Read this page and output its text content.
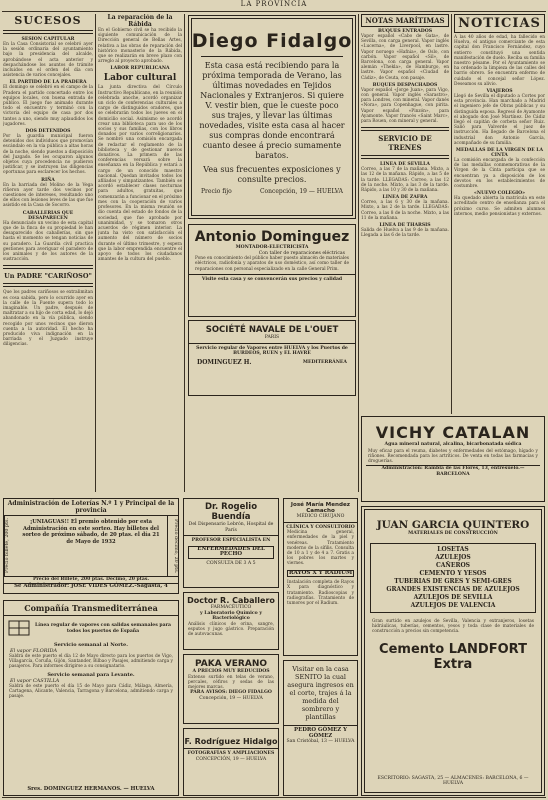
LA PROVINCIA
SUCESOS
SESION CAPITULAR
En la Casa Consistorial se celebró ayer la sesión ordinaria del ayuntamiento bajo la presidencia del alcalde, aprobándose el acta anterior y despachándose los asuntos de trámite incluidos en el orden del día con asistencia de varios concejales.
EL PARTIDO DE LA PRADERA
El domingo se celebró en el campo de la Pradera el partido concertado entre los equipos locales, con buena entrada de público. El juego fue animado durante todo el encuentro y terminó con la victoria del equipo de casa por dos tantos a uno, siendo muy aplaudidos los jugadores.
DOS DETENIDOS
Por la guardia municipal fueron detenidos dos individuos que promovían escándalo en la vía pública a altas horas de la noche, siendo puestos a disposición del Juzgado. Se les ocuparon algunos objetos cuya procedencia no pudieron justificar, y se instruyen las diligencias oportunas para esclarecer los hechos.
RIÑA
En la barriada del Molino de la Vega riñeron ayer tarde dos vecinos por cuestiones de intereses, resultando uno de ellos con lesiones leves de las que fue asistido en la Casa de Socorro.
CABALLERIAS QUE DESAPARECEN
Ha denunciado un vecino de esta capital que de la finca de su propiedad le han desaparecido dos caballerías, sin que hasta el momento se tengan noticias de su paradero. La Guardia civil practica gestiones para averiguar el paradero de los animales y de los autores de la sustracción.
Un PADRE "CARIÑOSO"
Que los padres cariñosos se extralimitan es cosa sabida, pero lo ocurrido ayer en la calle de la Fuente supera todo lo imaginable. Un padre, después de maltratar a su hijo de corta edad, lo dejó abandonado en la vía pública, siendo recogido por unos vecinos que dieron cuenta a la autoridad. El hecho ha producido viva indignación en la barriada y el Juzgado instruye diligencias.
La reparación de la Rábida
En el Gobierno civil se ha recibido la siguiente comunicación de la Dirección general de Bellas Artes, relativa a las obras de reparación del histórico monasterio de la Rábida, que se realizarán en breve plazo con arreglo al proyecto aprobado.
LABOR REPUBLICANA
Labor cultural
La junta directiva del Círculo Instructivo Republicano, en la reunión celebrada anoche, acordó organizar un ciclo de conferencias culturales a cargo de distinguidos oradores, que se celebrarán todos los jueves en el domicilio social. Asimismo se acordó crear una biblioteca para uso de los socios y sus familias, con los libros donados por varios correligionarios. Se nombró una comisión encargada de redactar el reglamento de la biblioteca y de gestionar nuevos donativos. La primera de las conferencias versará sobre la enseñanza en la República y estará a cargo de un conocido maestro nacional. Quedan invitados todos los afiliados y simpatizantes. También se acordó establecer clases nocturnas para adultos, gratuitas, que comenzarán a funcionar en el próximo mes con la cooperación de varios profesores. En la misma reunión se dio cuenta del estado de fondos de la sociedad, que fue aprobado por unanimidad, y se tomaron otros acuerdos de régimen interior. La junta ha visto con satisfacción el aumento del número de socios durante el último trimestre, y espera que la labor emprendida encuentre el apoyo de todos los ciudadanos amantes de la cultura del pueblo.
Diego Fidalgo
Esta casa está recibiendo para la próxima temporada de Verano, las últimas novedades en Tejidos Nacionales y Extranjeros. Si quiere V. vestir bien, que le cueste poco sus trajes, y llevar las últimas novedades, visite esta casa al hacer sus compras donde encontrará cuanto desee á precio sumamente baratos.
Vea sus frecuentes exposiciones y consulte precios.
Precio fijo	Concepción, 19 — HUELVA
Antonio Dominguez
MONTADOR-ELECTRICISTA
Con taller de reparaciones eléctricas
Pone en conocimiento del público haber puesto almacén de materiales eléctricos, radiofonía y aparatos de uso doméstico, así como taller de reparaciones con personal especializado en la calle General Prim.
Visite esta casa y se convencerán sus precios y calidad
SOCIÉTÉ NAVALE DE L'OUET
PARIS
Servicio regular de Vapores entre HUELVA y los Puertos de BURDEOS, RUEN y EL HAVRE
DOMINGUEZ H.	MEDITERRÁNEA
NOTAS MARÍTIMAS
BUQUES ENTRADOS
Vapor español «Cabo de Gata», de Sevilla, con carga general. Vapor inglés «Lucerna», de Liverpool, en lastre. Vapor noruego «Hafnia», de Oslo, con carbón. Vapor español «Sil», de Barcelona, con carga general. Vapor alemán «Thekla», de Hamburgo, en lastre. Vapor español «Ciudad de Cádiz», de Ceuta, con pasaje.
BUQUES DESPACHADOS
Vapor español «Jorge Juan», para Vigo, con general. Vapor inglés «Sarastro», para Londres, con mineral. Vapor danés «Nora», para Copenhague, con pirita. Vapor español «Pinzón», para Ayamonte. Vapor francés «Saint Marc», para Rouen, con mineral y general.
SERVICIO DE TRENES
LINEA DE SEVILLA
Correo, a las 7 de la mañana. Mixto, a las 12 de la mañana. Rápido, a las 5 de la tarde. LLEGADAS: Correo, a las 12 de la noche. Mixto, a las 3 de la tarde. Rápido, a las 10 y 30 de la mañana.
LINEA DE ZAFRA
Correo, a las 6 y 30 de la mañana. Mixto, a las 2 de la tarde. LLEGADAS: Correo, a las 8 de la noche. Mixto, a las 11 de la mañana.
LINEA DE THARSIS
Salida de Huelva a las 9 de la mañana. Llegada a las 6 de la tarde.
NOTICIAS
A las 40 años de edad, ha fallecido en Huelva, el antiguo comerciante de esta capital don Francisco Fernández, cuyo entierro constituyó una sentida manifestación de duelo. Reciba su familia nuestro pésame. Por el Ayuntamiento se ha ordenado la limpieza de las calles del barrio obrero. Se encuentra enfermo de cuidado el concejal señor López. Deseamos su alivio.
VIAJEROS
Llegó de Sevilla el diputado a Cortes por esta provincia. Han marchado a Madrid el ingeniero jefe de Obras públicas y su distinguida esposa. Regresó de Ayamonte el abogado don José Martínez. De Cádiz llegó el capitán de corbeta señor Ruiz. Salió para Valverde el juez de instrucción. Ha llegado de Barcelona el industrial don Antonio García, acompañado de su familia.
MEDALLAS DE LA VIRGEN DE LA CINTA
La comisión encargada de la confección de las medallas conmemorativas de la Virgen de la Cinta participa que se encuentran ya a disposición de los devotos en los establecimientos de costumbre.
«NUEVO COLEGIO»
Ha quedado abierta la matrícula en este acreditado centro de enseñanza para el próximo curso. Se admiten alumnos internos, medio pensionistas y externos.
VICHY CATALAN
Agua mineral natural, alcalina, bicarbonatada sódica
Muy eficaz para el reuma, diabetes y enfermedades del estómago, hígado y riñones. Recomendada para los artríticos. De venta en todas las farmacias y droguerías.
Administración: Rambla de las Flores, 13, entresuelo.—BARCELONA
Administración de Loterías N.º 1 y Principal de la provincia
Precio billete, 200 pts.	¡UNIAGUAS!! El premio obtenido por esta Administración en este sorteo. Hay billetes del sorteo de próximo sábado, de 20 ptas. el día 21 de Mayo de 1932	Precio décimo, 20 pts.
Precio del Billete, 200 ptas. Décimo, 20 ptas.
Se Administrador: JOSE VIDES GÓMEZ.-Sagasta, 4
Compañía Transmediterránea
Línea regular de vapores con salidas semanales para todos los puertos de España
Servicio semanal al Norte.
El vapor FLORIDA
Saldrá de este puerto el día 12 de Mayo directo para los puertos de Vigo, Villagarcía, Coruña, Gijón, Santander, Bilbao y Pasajes, admitiendo carga y pasajeros. Para informes dirigirse a su consignatario.
Servicio semanal para Levante.
El vapor CASTILLA
Saldrá de este puerto el día 15 de Mayo para Cádiz, Málaga, Almería, Cartagena, Alicante, Valencia, Tarragona y Barcelona, admitiendo carga y pasaje.
Sres. DOMINGUEZ HERMANOS. — HUELVA
Dr. Rogelio Buendía
Del Dispensario Lebrón, Hospital de París
PROFESOR ESPECIALISTA EN
ENFERMEDADES DEL PECHO
CONSULTA DE 3 A 5
Doctor R. Caballero
FARMACÉUTICO
y Laboratorio Químico y Bacteriológico
Análisis clínicos de orina, sangre, esputos y jugo gástrico. Preparación de autovacunas.
PAKA VERANO
A PRECIOS MUY REDUCIDOS
Extenso surtido en telas de verano, percales, céfiros y sedas de las mejores marcas.
PARA AVISOS: DIEGO FIDALGO
Concepción, 19 — HUELVA
F. Rodríguez Hidalgo
FOTOGRAFÍAS Y AMPLIACIONES
CONCEPCIÓN, 19 — HUELVA
José María Mendez Camacho
MÉDICO CIRUJANO
CLÍNICA Y CONSULTORIO
Medicina general, enfermedades de la piel y venéreas. Tratamiento moderno de la sífilis. Consulta de 10 a 1 y de 4 a 7. Gratis a los pobres los martes y viernes.
RAYOS X Y RADIUM
Instalación completa de Rayos X para diagnóstico y tratamiento. Radioscopias y radiografías. Tratamiento de tumores por el Radium.
Visitar en la casa SENITO la cual asegura ingresos en el corte, trajes á la medida del sombrero y plantillas
PEDRO GÓMEZ Y GÓMEZ
San Cristóbal, 13 — HUELVA
JUAN GARCIA QUINTERO
MATERIALES DE CONSTRUCCIÓN
LOSETAS
AZULEJOS
CAÑEROS
CEMENTO Y YESOS
TUBERIAS DE GRES Y SEMI-GRES
GRANDES EXISTENCIAS DE AZULEJOS
AZULEJOS DE SEVILLA
AZULEJOS DE VALENCIA
Gran surtido en azulejos de Sevilla, Valencia y extranjeros, losetas hidráulicas, tuberías, cementos, yesos y toda clase de materiales de construcción a precios sin competencia.
Cemento LANDFORT Extra
ESCRITORIO: SAGASTA, 25 — ALMACENES: BARCELONA, 6 — HUELVA
